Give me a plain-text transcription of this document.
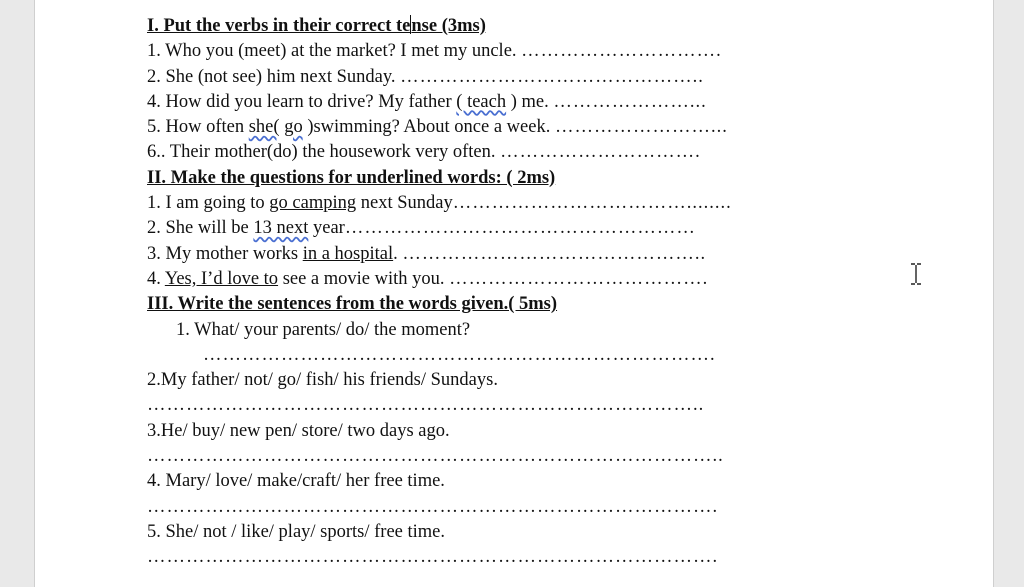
I. Put the verbs in their correct tense (3ms)
1. Who you (meet) at the market? I met my uncle. ………………………….
2. She (not see) him next Sunday. ………………………………………..
4. How did you learn to drive? My father ( teach ) me. …………………...
5. How often she( go )swimming? About once a week. ……………………...
6.. Their mother(do) the housework very often. ………………………….
II. Make the questions for underlined words: ( 2ms)
1. I am going to go camping next Sunday………………………………........
2. She will be 13 next year………………………………………………
3. My mother works in a hospital. ………………………………………..
4. Yes, I’d love to see a movie with you. ………………………………….
III. Write the sentences from the words given.( 5ms)
1. What/ your parents/ do/ the moment?
…………………………………………………………………….
2.My father/ not/ go/ fish/ his friends/ Sundays.
…………………………………………………………………………..
3.He/ buy/ new pen/ store/ two days ago.
……………………………………………………………………………..
4. Mary/ love/ make/craft/ her free time.
…………………………………………………………………………….
5. She/ not / like/ play/ sports/ free time.
…………………………………………………………………………….
